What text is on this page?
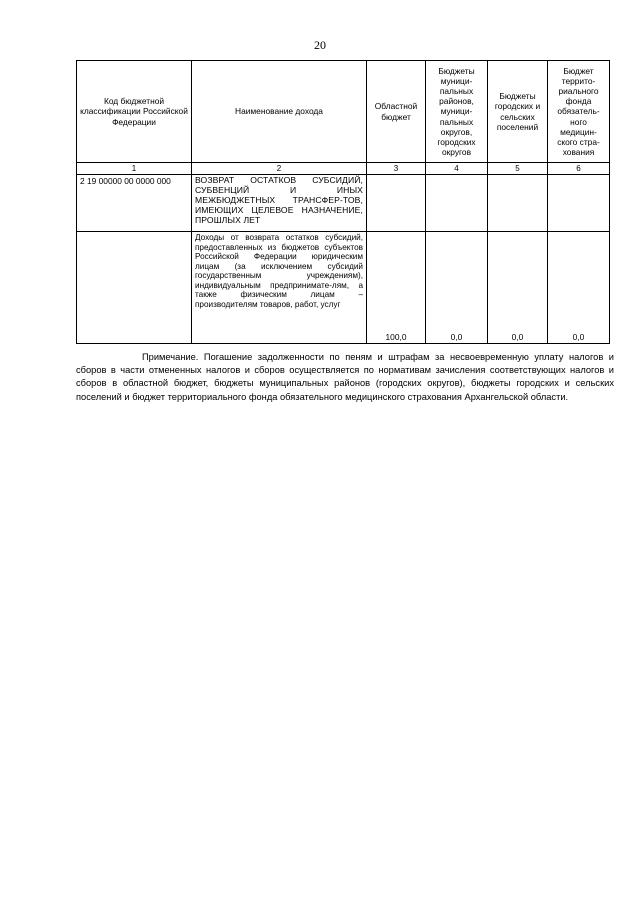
20
Код бюджетной классификации Российской Федерации	Наименование дохода	Областной бюджет	Бюджеты муници-пальных районов, муници-пальных округов, городских округов	Бюджеты городских и сельских поселений	Бюджет террито-риального фонда обязатель-ного медицин-ского стра-хования
1	2	3	4	5	6
2 19 00000 00 0000 000	ВОЗВРАТ ОСТАТКОВ СУБСИДИЙ, СУБВЕНЦИЙ И ИНЫХ МЕЖБЮДЖЕТНЫХ ТРАНСФЕР-ТОВ, ИМЕЮЩИХ ЦЕЛЕВОЕ НАЗНАЧЕНИЕ, ПРОШЛЫХ ЛЕТ				
	Доходы от возврата остатков субсидий, предоставленных из бюджетов субъектов Российской Федерации юридическим лицам (за исключением субсидий государственным учреждениям), индивидуальным предпринимате-лям, а также физическим лицам – производителям товаров, работ, услуг	100,0	0,0	0,0	0,0
Примечание. Погашение задолженности по пеням и штрафам за несвоевременную уплату налогов и сборов в части отмененных налогов и сборов осуществляется по нормативам зачисления соответствующих налогов и сборов в областной бюджет, бюджеты муниципальных районов (городских округов), бюджеты городских и сельских поселений и бюджет территориального фонда обязательного медицинского страхования Архангельской области.
